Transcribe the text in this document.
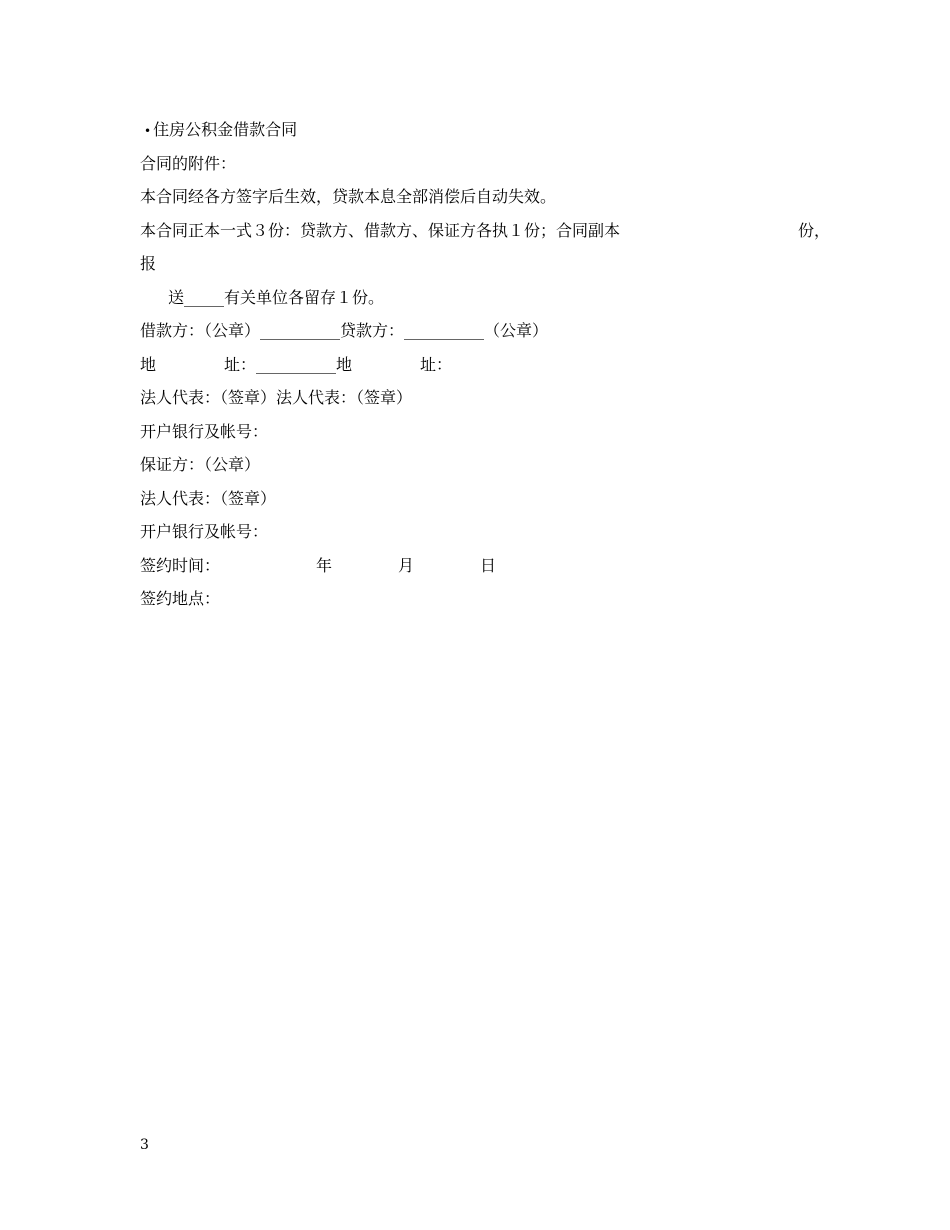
• 住房公积金借款合同
合同的附件：
本合同经各方签字后生效，贷款本息全部消偿后自动失效。
本合同正本一式３份：贷款方、借款方、保证方各执１份；合同副本	份，
报
送_____有关单位各留存１份。
借款方：（公章）__________贷款方：__________（公章）
地	址：__________地	址：
法人代表：（签章）法人代表：（签章）
开户银行及帐号：
保证方：（公章）
法人代表：（签章）
开户银行及帐号：
签约时间：	年	月	日
签约地点：
3
